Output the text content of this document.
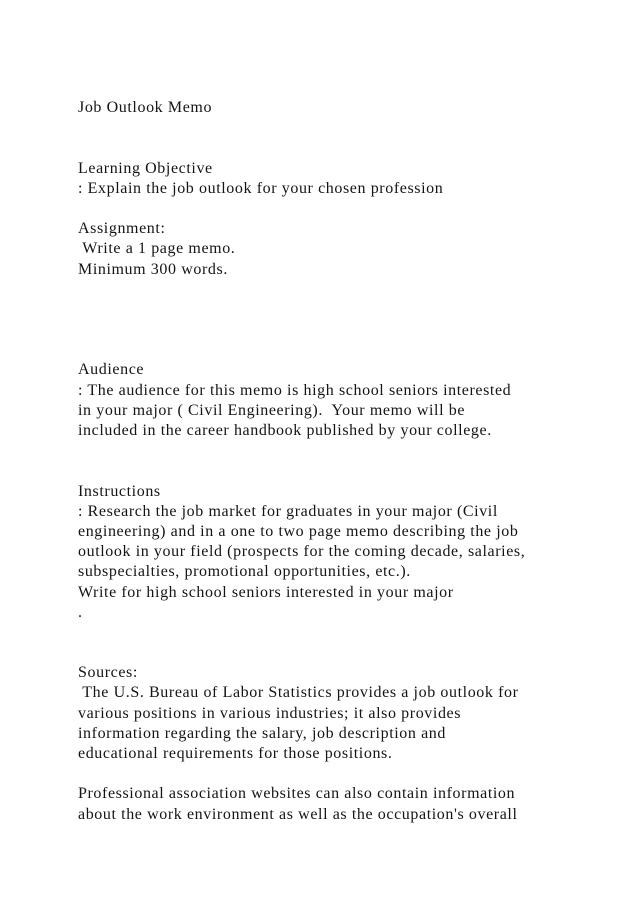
Job Outlook Memo
Learning Objective
: Explain the job outlook for your chosen profession
Assignment:
Write a 1 page memo.
Minimum 300 words.
Audience
: The audience for this memo is high school seniors interested
in your major ( Civil Engineering).  Your memo will be
included in the career handbook published by your college.
Instructions
: Research the job market for graduates in your major (Civil
engineering) and in a one to two page memo describing the job
outlook in your field (prospects for the coming decade, salaries,
subspecialties, promotional opportunities, etc.).
Write for high school seniors interested in your major
.
Sources:
The U.S. Bureau of Labor Statistics provides a job outlook for
various positions in various industries; it also provides
information regarding the salary, job description and
educational requirements for those positions.
Professional association websites can also contain information
about the work environment as well as the occupation's overall
